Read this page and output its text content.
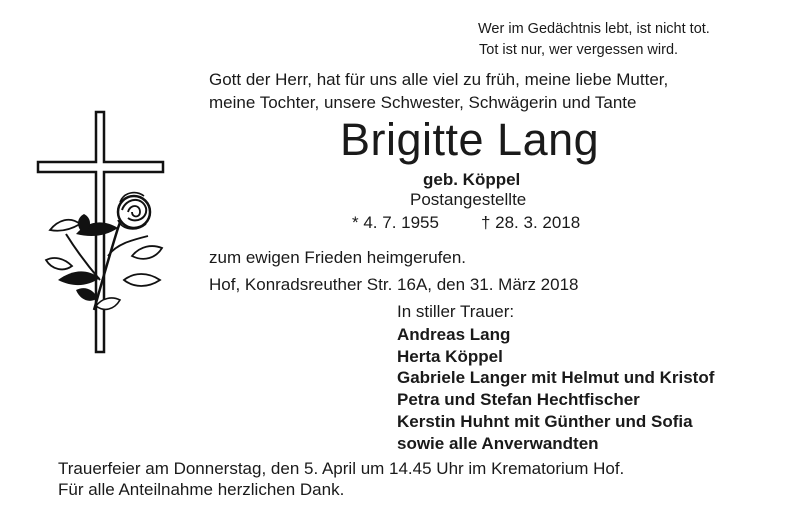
Wer im Gedächtnis lebt, ist nicht tot.
Tot ist nur, wer vergessen wird.
Gott der Herr, hat für uns alle viel zu früh, meine liebe Mutter,
meine Tochter, unsere Schwester, Schwägerin und Tante
Brigitte Lang
geb. Köppel
Postangestellte
* 4. 7. 1955 † 28. 3. 2018
zum ewigen Frieden heimgerufen.
Hof, Konradsreuther Str. 16A, den 31. März 2018
In stiller Trauer:
Andreas Lang
Herta Köppel
Gabriele Langer mit Helmut und Kristof
Petra und Stefan Hechtfischer
Kerstin Huhnt mit Günther und Sofia
sowie alle Anverwandten
Trauerfeier am Donnerstag, den 5. April um 14.45 Uhr im Krematorium Hof.
Für alle Anteilnahme herzlichen Dank.
